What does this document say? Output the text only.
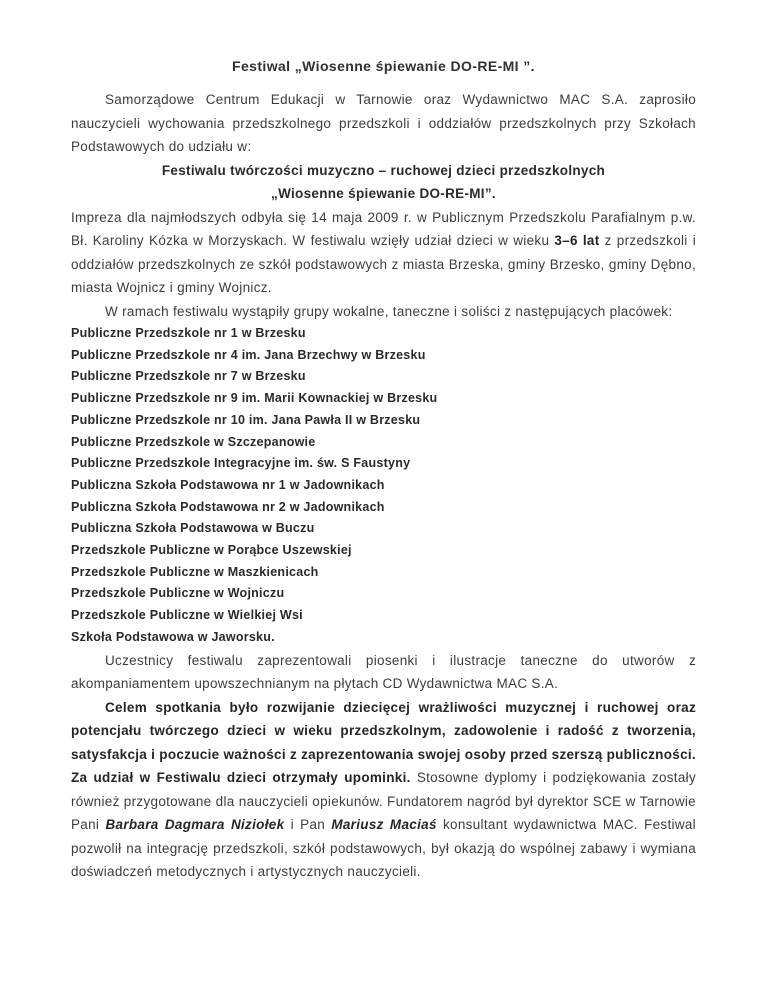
Festiwal „Wiosenne śpiewanie DO-RE-MI ”.

Samorządowe Centrum Edukacji w Tarnowie oraz Wydawnictwo MAC S.A. zaprosiło nauczycieli wychowania przedszkolnego przedszkoli i oddziałów przedszkolnych przy Szkołach Podstawowych do udziału w:

Festiwalu twórczości muzyczno – ruchowej dzieci przedszkolnych
„Wiosenne śpiewanie DO-RE-MI”.

Impreza dla najmłodszych odbyła się 14 maja 2009 r. w Publicznym Przedszkolu Parafialnym p.w. Bł. Karoliny Kózka w Morzyskach. W festiwalu wzięły udział dzieci w wieku 3–6 lat z przedszkoli i oddziałów przedszkolnych ze szkół podstawowych z miasta Brzeska, gminy Brzesko, gminy Dębno, miasta Wojnicz i gminy Wojnicz.

W ramach festiwalu wystąpiły grupy wokalne, taneczne i soliści z następujących placówek:

Publiczne Przedszkole nr 1 w Brzesku
Publiczne Przedszkole nr 4 im. Jana Brzechwy w Brzesku
Publiczne Przedszkole nr 7 w Brzesku
Publiczne Przedszkole nr 9 im. Marii Kownackiej w Brzesku
Publiczne Przedszkole nr 10 im. Jana Pawła II w Brzesku
Publiczne Przedszkole w Szczepanowie
Publiczne Przedszkole Integracyjne im. św. S Faustyny
Publiczna Szkoła Podstawowa nr 1 w Jadownikach
Publiczna Szkoła Podstawowa nr 2 w Jadownikach
Publiczna Szkoła Podstawowa w Buczu
Przedszkole Publiczne w Porąbce Uszewskiej
Przedszkole Publiczne w Maszkienicach
Przedszkole Publiczne w Wojniczu
Przedszkole Publiczne w Wielkiej Wsi
Szkoła Podstawowa w Jaworsku.

Uczestnicy festiwalu zaprezentowali piosenki i ilustracje taneczne do utworów z akompaniamentem upowszechnianym na płytach CD Wydawnictwa MAC S.A.

Celem spotkania było rozwijanie dziecięcej wrażliwości muzycznej i ruchowej oraz potencjału twórczego dzieci w wieku przedszkolnym, zadowolenie i radość z tworzenia, satysfakcja i poczucie ważności z zaprezentowania swojej osoby przed szerszą publiczności. Za udział w Festiwalu dzieci otrzymały upominki. Stosowne dyplomy i podziękowania zostały również przygotowane dla nauczycieli opiekunów. Fundatorem nagród był dyrektor SCE w Tarnowie Pani Barbara Dagmara Niziołek i Pan Mariusz Maciaś konsultant wydawnictwa MAC. Festiwal pozwolił na integrację przedszkoli, szkół podstawowych, był okazją do wspólnej zabawy i wymiana doświadczeń metodycznych i artystycznych nauczycieli.
